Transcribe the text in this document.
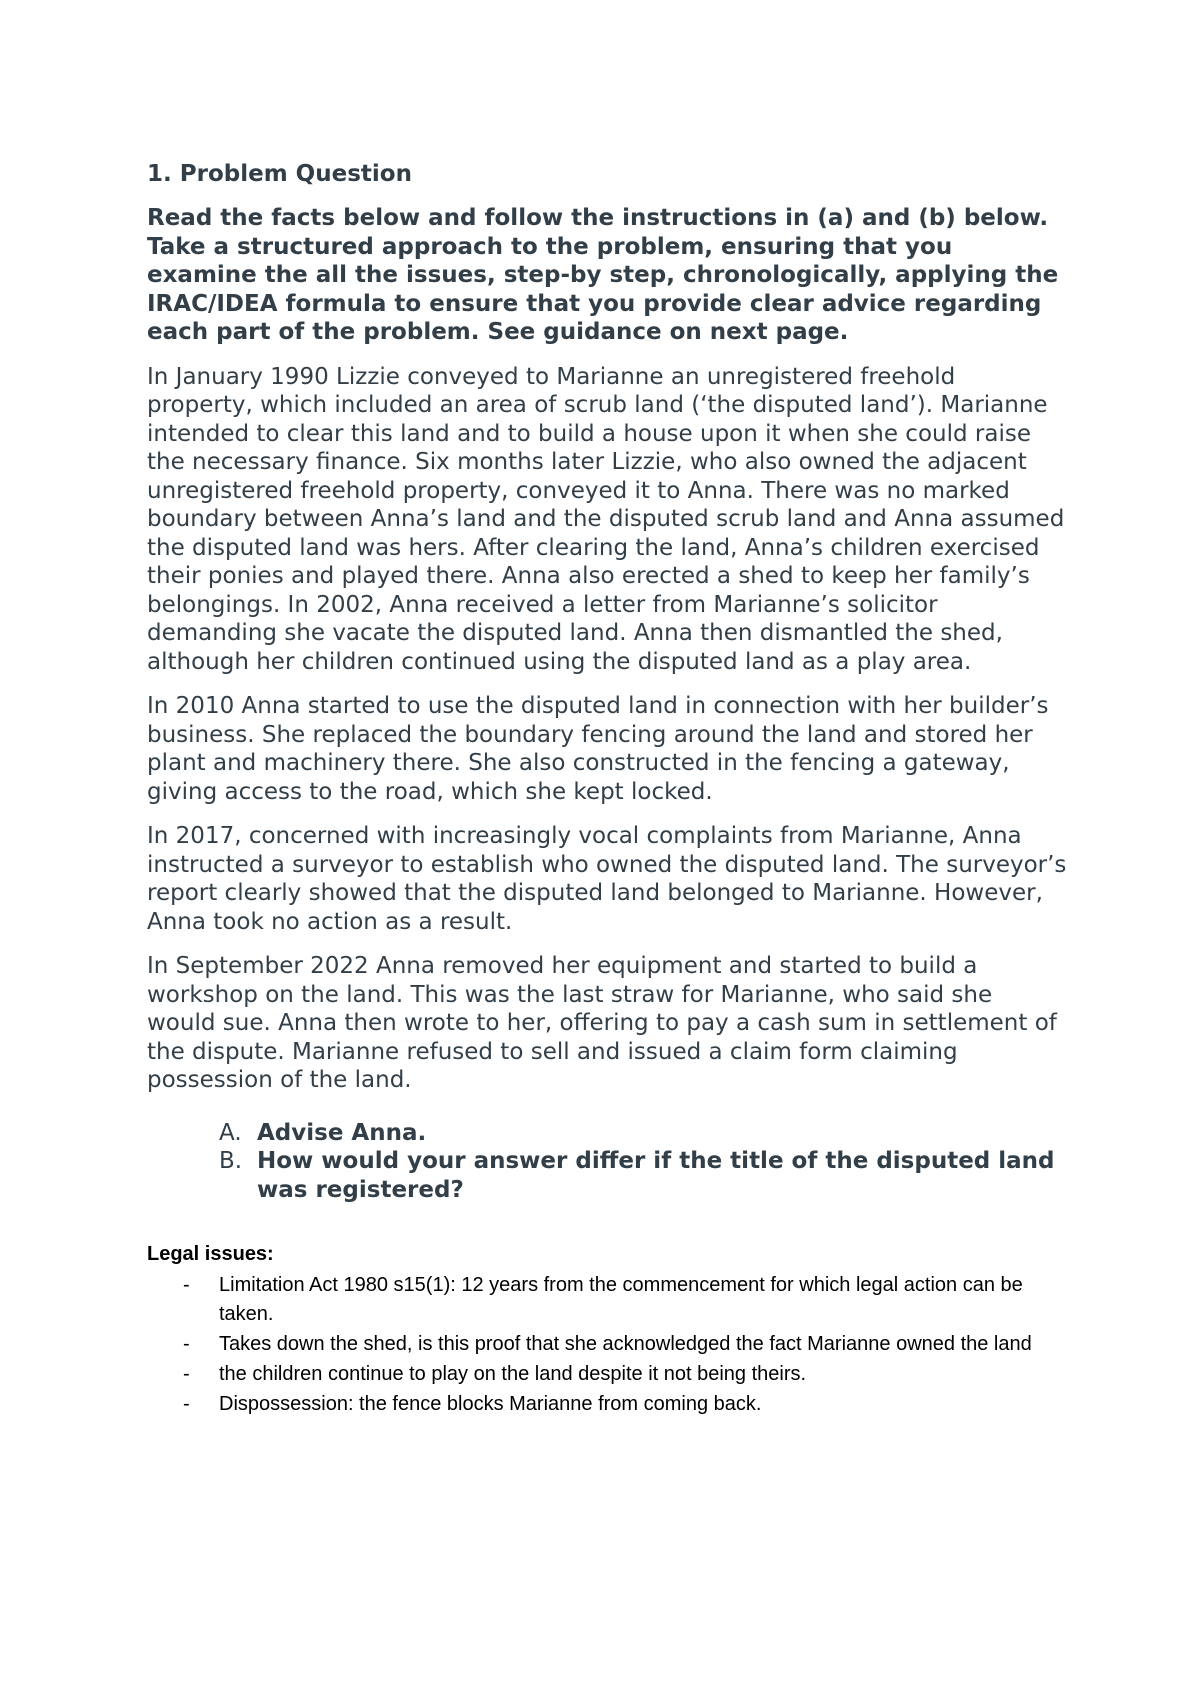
1. Problem Question

Read the facts below and follow the instructions in (a) and (b) below. Take a structured approach to the problem, ensuring that you examine the all the issues, step-by step, chronologically, applying the IRAC/IDEA formula to ensure that you provide clear advice regarding each part of the problem. See guidance on next page.

In January 1990 Lizzie conveyed to Marianne an unregistered freehold property, which included an area of scrub land (‘the disputed land’). Marianne intended to clear this land and to build a house upon it when she could raise the necessary finance. Six months later Lizzie, who also owned the adjacent unregistered freehold property, conveyed it to Anna. There was no marked boundary between Anna’s land and the disputed scrub land and Anna assumed the disputed land was hers. After clearing the land, Anna’s children exercised their ponies and played there. Anna also erected a shed to keep her family’s belongings. In 2002, Anna received a letter from Marianne’s solicitor demanding she vacate the disputed land. Anna then dismantled the shed, although her children continued using the disputed land as a play area.

In 2010 Anna started to use the disputed land in connection with her builder’s business. She replaced the boundary fencing around the land and stored her plant and machinery there. She also constructed in the fencing a gateway, giving access to the road, which she kept locked.

In 2017, concerned with increasingly vocal complaints from Marianne, Anna instructed a surveyor to establish who owned the disputed land. The surveyor’s report clearly showed that the disputed land belonged to Marianne. However, Anna took no action as a result.

In September 2022 Anna removed her equipment and started to build a workshop on the land. This was the last straw for Marianne, who said she would sue. Anna then wrote to her, offering to pay a cash sum in settlement of the dispute. Marianne refused to sell and issued a claim form claiming possession of the land.

A. Advise Anna.
B. How would your answer differ if the title of the disputed land was registered?

Legal issues:

- Limitation Act 1980 s15(1): 12 years from the commencement for which legal action can be taken.
- Takes down the shed, is this proof that she acknowledged the fact Marianne owned the land
- the children continue to play on the land despite it not being theirs.
- Dispossession: the fence blocks Marianne from coming back.
